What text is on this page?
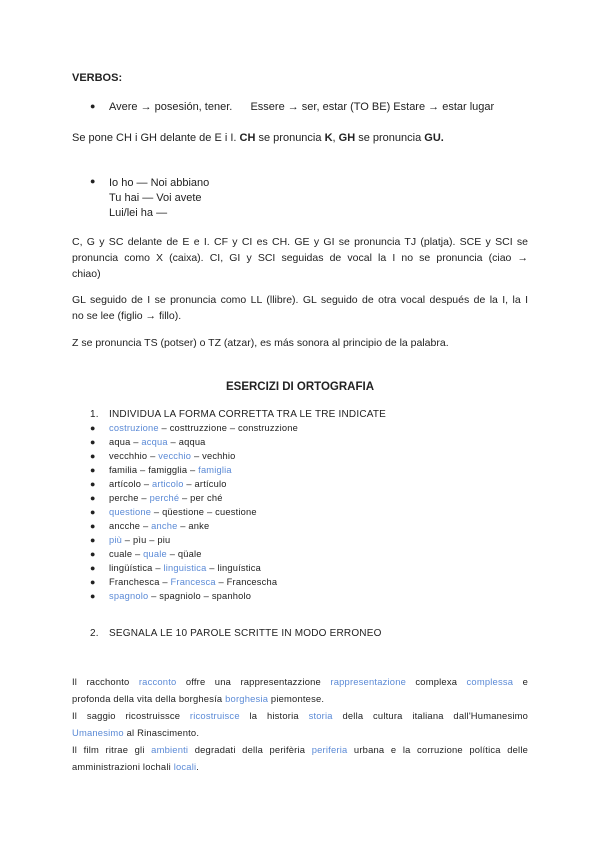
VERBOS:
● Avere → posesión, tener. Essere → ser, estar (TO BE) Estare → estar lugar
Se pone CH i GH delante de E i I. CH se pronuncia K, GH se pronuncia GU.
● Io ho — Noi abbiano
Tu hai — Voi avete
Lui/lei ha —
C, G y SC delante de E e I. CF y CI es CH. GE y GI se pronuncia TJ (platja). SCE y SCI se
pronuncia como X (caixa). CI, GI y SCI seguidas de vocal la I no se pronuncia (ciao →
chiao)
GL seguido de I se pronuncia como LL (llibre). GL seguido de otra vocal después de la I, la I
no se lee (figlio → fillo).
Z se pronuncia TS (potser) o TZ (atzar), es más sonora al principio de la palabra.
ESERCIZI DI ORTOGRAFIA
1. INDIVIDUA LA FORMA CORRETTA TRA LE TRE INDICATE
● costruzione – costtruzzione – construzzione
● aqua – acqua – aqqua
● vecchhio – vecchio – vechhio
● familia – famigglia – famiglia
● artícolo – articolo – artículo
● perche – perché – per ché
● questione – qüestione – cuestione
● ancche – anche – anke
● più – pìu – piu
● cuale – quale – qüale
● lingüística – linguistica – linguística
● Franchesca – Francesca – Francescha
● spagnolo – spagniolo – spanholo
2. SEGNALA LE 10 PAROLE SCRITTE IN MODO ERRONEO
Il racchonto racconto offre una rappresentazzione rappresentazione complexa complessa e
profonda della vita della borghesía borghesia piemontese.
Il saggio ricostruissce ricostruisce la historia storia della cultura italiana dall'Humanesimo
Umanesimo al Rinascimento.
Il film ritrae gli ambienti degradati della perifèria periferia urbana e la corruzione política delle
amministrazioni lochali locali.
